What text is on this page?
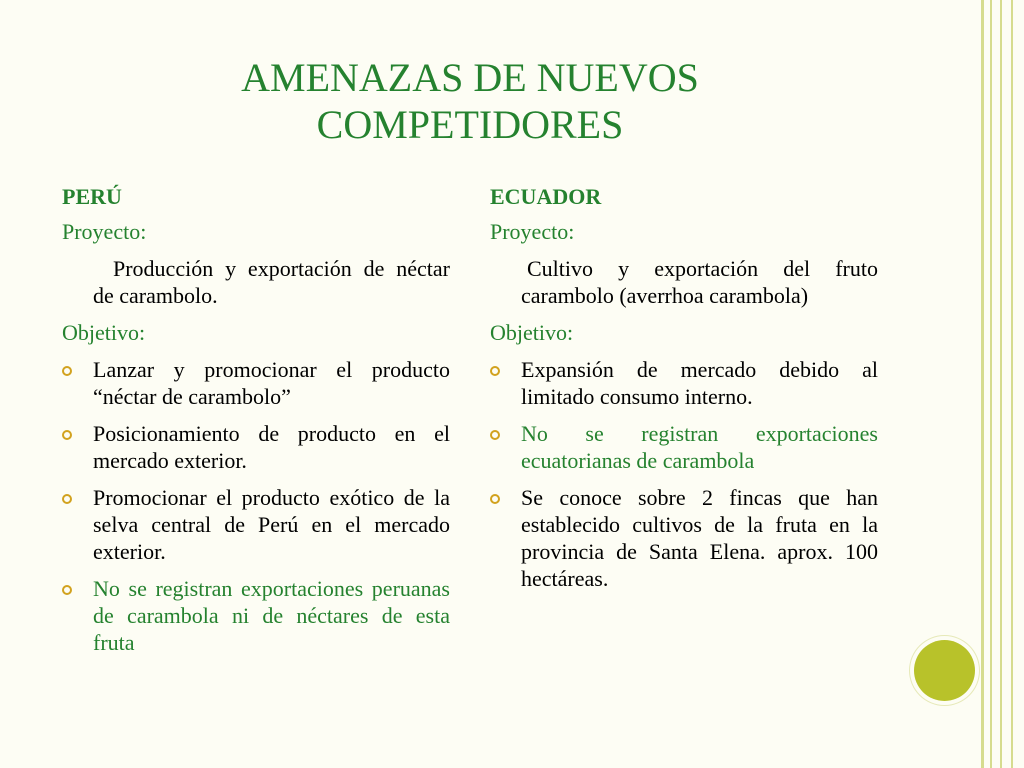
AMENAZAS DE NUEVOS
COMPETIDORES
PERÚ
Proyecto:
Producción y exportación de néctar de carambolo.
Objetivo:
Lanzar y promocionar el producto “néctar de carambolo”
Posicionamiento de producto en el mercado exterior.
Promocionar el producto exótico de la selva central de Perú en el mercado exterior.
No se registran exportaciones peruanas de carambola ni de néctares de esta fruta
ECUADOR
Proyecto:
Cultivo y exportación del fruto carambolo (averrhoa carambola)
Objetivo:
Expansión de mercado debido al limitado consumo interno.
No se registran exportaciones ecuatorianas de carambola
Se conoce sobre 2 fincas que han establecido cultivos de la fruta en la provincia de Santa Elena. aprox. 100 hectáreas.
